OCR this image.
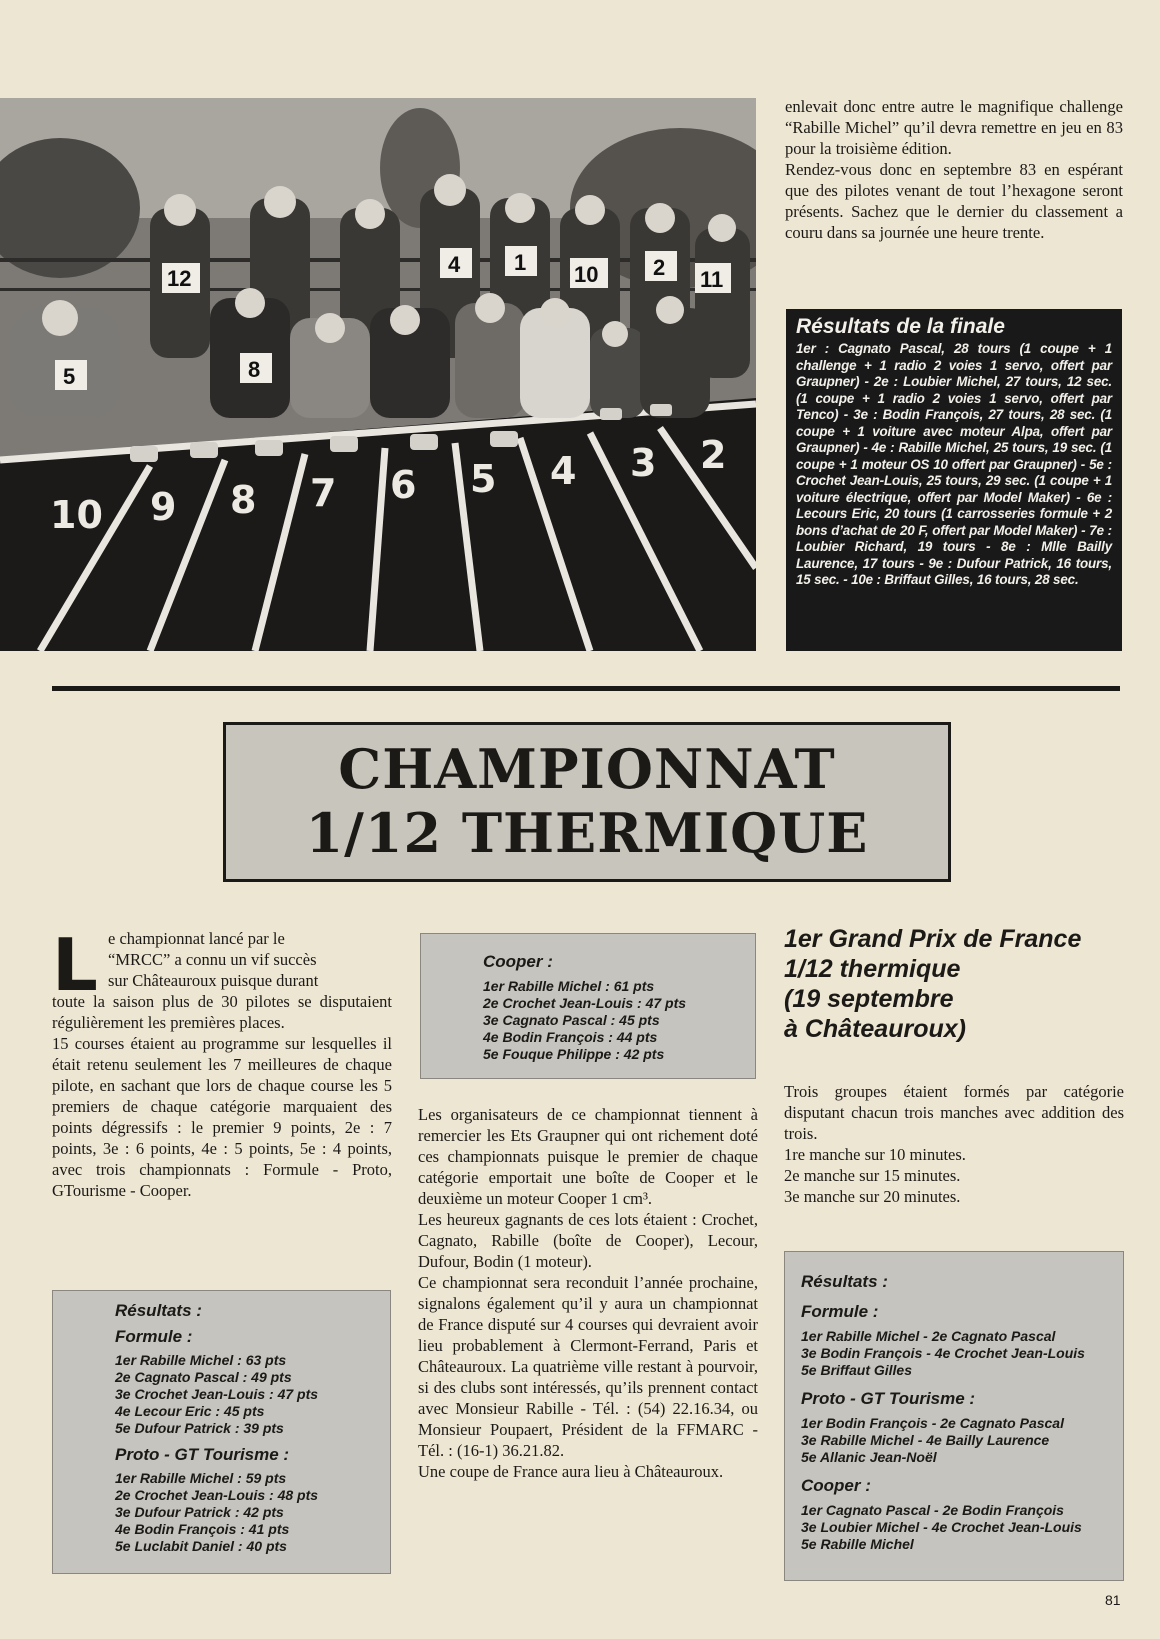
12
4 1 10 2 11
5	8
10 9 8 7 6 5 4 3 2
enlevait donc entre autre le magnifique challenge “Rabille Michel” qu’il devra remettre en jeu en 83 pour la troisième édition.
Rendez-vous donc en septembre 83 en espérant que des pilotes venant de tout l’hexagone seront présents. Sachez que le dernier du classement a couru dans sa journée une heure trente.
Résultats de la finale
1er : Cagnato Pascal, 28 tours (1 coupe + 1 challenge + 1 radio 2 voies 1 servo, offert par Graupner) - 2e : Loubier Michel, 27 tours, 12 sec. (1 coupe + 1 radio 2 voies 1 servo, offert par Tenco) - 3e : Bodin François, 27 tours, 28 sec. (1 coupe + 1 voiture avec moteur Alpa, offert par Graupner) - 4e : Rabille Michel, 25 tours, 19 sec. (1 coupe + 1 moteur OS 10 offert par Graupner) - 5e : Crochet Jean-Louis, 25 tours, 29 sec. (1 coupe + 1 voiture électrique, offert par Model Maker) - 6e : Lecours Eric, 20 tours (1 carrosseries formule + 2 bons d’achat de 20 F, offert par Model Maker) - 7e : Loubier Richard, 19 tours - 8e : Mlle Bailly Laurence, 17 tours - 9e : Dufour Patrick, 16 tours, 15 sec. - 10e : Briffaut Gilles, 16 tours, 28 sec.
CHAMPIONNAT
1/12 THERMIQUE
L e championnat lancé par le
“MRCC” a connu un vif succès
sur Châteauroux puisque durant
toute la saison plus de 30 pilotes se disputaient régulièrement les premières places.
15 courses étaient au programme sur lesquelles il était retenu seulement les 7 meilleures de chaque pilote, en sachant que lors de chaque course les 5 premiers de chaque catégorie marquaient des points dégressifs : le premier 9 points, 2e : 7 points, 3e : 6 points, 4e : 5 points, 5e : 4 points, avec trois championnats : Formule - Proto, GTourisme - Cooper.
Résultats :
Formule :
1er Rabille Michel : 63 pts
2e Cagnato Pascal : 49 pts
3e Crochet Jean-Louis : 47 pts
4e Lecour Eric : 45 pts
5e Dufour Patrick : 39 pts
Proto - GT Tourisme :
1er Rabille Michel : 59 pts
2e Crochet Jean-Louis : 48 pts
3e Dufour Patrick : 42 pts
4e Bodin François : 41 pts
5e Luclabit Daniel : 40 pts
Cooper :
1er Rabille Michel : 61 pts
2e Crochet Jean-Louis : 47 pts
3e Cagnato Pascal : 45 pts
4e Bodin François : 44 pts
5e Fouque Philippe : 42 pts
Les organisateurs de ce championnat tiennent à remercier les Ets Graupner qui ont richement doté ces championnats puisque le premier de chaque catégorie emportait une boîte de Cooper et le deuxième un moteur Cooper 1 cm³.
Les heureux gagnants de ces lots étaient : Crochet, Cagnato, Rabille (boîte de Cooper), Lecour, Dufour, Bodin (1 moteur).
Ce championnat sera reconduit l’année prochaine, signalons également qu’il y aura un championnat de France disputé sur 4 courses qui devraient avoir lieu probablement à Clermont-Ferrand, Paris et Châteauroux. La quatrième ville restant à pourvoir, si des clubs sont intéressés, qu’ils prennent contact avec Monsieur Rabille - Tél. : (54) 22.16.34, ou Monsieur Poupaert, Président de la FFMARC - Tél. : (16-1) 36.21.82.
Une coupe de France aura lieu à Châteauroux.
1er Grand Prix de France
1/12 thermique
(19 septembre
à Châteauroux)
Trois groupes étaient formés par catégorie disputant chacun trois manches avec addition des trois.
1re manche sur 10 minutes.
2e manche sur 15 minutes.
3e manche sur 20 minutes.
Résultats :
Formule :
1er Rabille Michel - 2e Cagnato Pascal
3e Bodin François - 4e Crochet Jean-Louis
5e Briffaut Gilles
Proto - GT Tourisme :
1er Bodin François - 2e Cagnato Pascal
3e Rabille Michel - 4e Bailly Laurence
5e Allanic Jean-Noël
Cooper :
1er Cagnato Pascal - 2e Bodin François
3e Loubier Michel - 4e Crochet Jean-Louis
5e Rabille Michel
81
